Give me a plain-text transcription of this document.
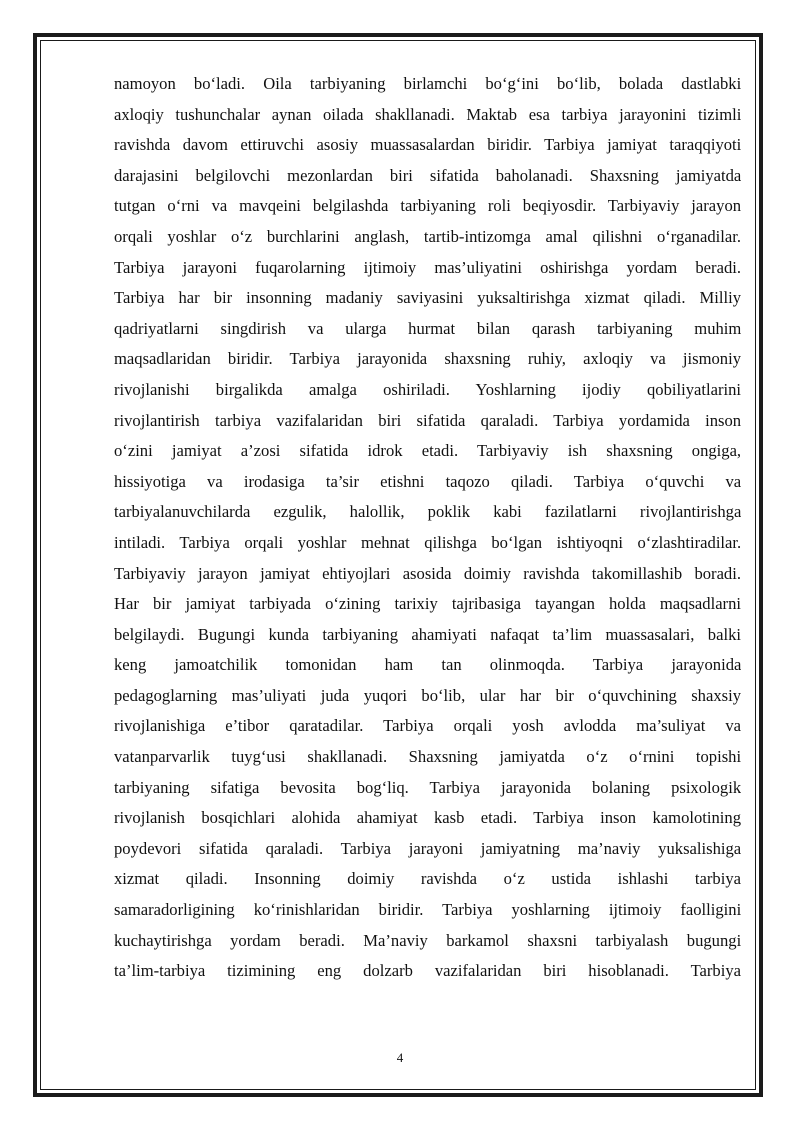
namoyon bo‘ladi. Oila tarbiyaning birlamchi bo‘g‘ini bo‘lib, bolada dastlabki
axloqiy tushunchalar aynan oilada shakllanadi. Maktab esa tarbiya jarayonini tizimli
ravishda davom ettiruvchi asosiy muassasalardan biridir. Tarbiya jamiyat taraqqiyoti
darajasini belgilovchi mezonlardan biri sifatida baholanadi. Shaxsning jamiyatda
tutgan o‘rni va mavqeini belgilashda tarbiyaning roli beqiyosdir. Tarbiyaviy jarayon
orqali yoshlar o‘z burchlarini anglash, tartib-intizomga amal qilishni o‘rganadilar.
Tarbiya jarayoni fuqarolarning ijtimoiy mas’uliyatini oshirishga yordam beradi.
Tarbiya har bir insonning madaniy saviyasini yuksaltirishga xizmat qiladi. Milliy
qadriyatlarni singdirish va ularga hurmat bilan qarash tarbiyaning muhim
maqsadlaridan biridir. Tarbiya jarayonida shaxsning ruhiy, axloqiy va jismoniy
rivojlanishi birgalikda amalga oshiriladi. Yoshlarning ijodiy qobiliyatlarini
rivojlantirish tarbiya vazifalaridan biri sifatida qaraladi. Tarbiya yordamida inson
o‘zini jamiyat a’zosi sifatida idrok etadi. Tarbiyaviy ish shaxsning ongiga,
hissiyotiga va irodasiga ta’sir etishni taqozo qiladi. Tarbiya o‘quvchi va
tarbiyalanuvchilarda ezgulik, halollik, poklik kabi fazilatlarni rivojlantirishga
intiladi. Tarbiya orqali yoshlar mehnat qilishga bo‘lgan ishtiyoqni o‘zlashtiradilar.
Tarbiyaviy jarayon jamiyat ehtiyojlari asosida doimiy ravishda takomillashib boradi.
Har bir jamiyat tarbiyada o‘zining tarixiy tajribasiga tayangan holda maqsadlarni
belgilaydi. Bugungi kunda tarbiyaning ahamiyati nafaqat ta’lim muassasalari, balki
keng jamoatchilik tomonidan ham tan olinmoqda. Tarbiya jarayonida
pedagoglarning mas’uliyati juda yuqori bo‘lib, ular har bir o‘quvchining shaxsiy
rivojlanishiga e’tibor qaratadilar. Tarbiya orqali yosh avlodda ma’suliyat va
vatanparvarlik tuyg‘usi shakllanadi. Shaxsning jamiyatda o‘z o‘rnini topishi
tarbiyaning sifatiga bevosita bog‘liq. Tarbiya jarayonida bolaning psixologik
rivojlanish bosqichlari alohida ahamiyat kasb etadi. Tarbiya inson kamolotining
poydevori sifatida qaraladi. Tarbiya jarayoni jamiyatning ma’naviy yuksalishiga
xizmat qiladi. Insonning doimiy ravishda o‘z ustida ishlashi tarbiya
samaradorligining ko‘rinishlaridan biridir. Tarbiya yoshlarning ijtimoiy faolligini
kuchaytirishga yordam beradi. Ma’naviy barkamol shaxsni tarbiyalash bugungi
ta’lim-tarbiya tizimining eng dolzarb vazifalaridan biri hisoblanadi. Tarbiya
4
